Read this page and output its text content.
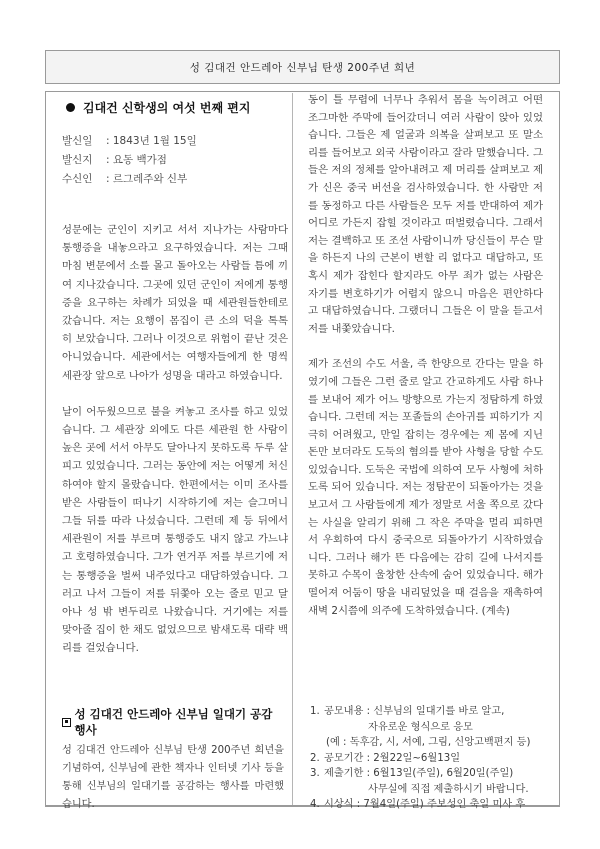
성 김대건 안드레아 신부님 탄생 200주년 희년
김대건 신학생의 여섯 번째 편지
발신일	: 1843년 1월 15일
발신지	: 요동 백가점
수신인	: 르그레주와 신부

성문에는 군인이 지키고 서서 지나가는 사람마다 통행증을 내놓으라고 요구하였습니다. 저는 그때 마침 변문에서 소를 몰고 돌아오는 사람들 틈에 끼여 지나갔습니다. 그곳에 있던 군인이 저에게 통행증을 요구하는 차례가 되었을 때 세관원들한테로 갔습니다. 저는 요행이 몸집이 큰 소의 덕을 톡톡히 보았습니다. 그러나 이것으로 위험이 끝난 것은 아니었습니다. 세관에서는 여행자들에게 한 명씩 세관장 앞으로 나아가 성명을 대라고 하였습니다.

날이 어두웠으므로 불을 켜놓고 조사를 하고 있었습니다. 그 세관장 외에도 다른 세관원 한 사람이 높은 곳에 서서 아무도 달아나지 못하도록 두루 살피고 있었습니다. 그러는 동안에 저는 어떻게 처신하여야 할지 몰랐습니다. 한편에서는 이미 조사를 받은 사람들이 떠나기 시작하기에 저는 슬그머니 그들 뒤를 따라 나섰습니다. 그런데 제 등 뒤에서 세관원이 저를 부르며 통행증도 내지 않고 가느냐고 호령하였습니다. 그가 연거푸 저를 부르기에 저는 통행증을 벌써 내주었다고 대답하였습니다. 그러고 나서 그들이 저를 뒤쫓아 오는 줄로 믿고 달아나 성 밖 변두리로 나왔습니다. 거기에는 저를 맞아줄 집이 한 채도 없었으므로 밤새도록 대략 백리를 걸었습니다.

동이 틀 무렵에 너무나 추워서 몸을 녹이려고 어떤 조그마한 주막에 들어갔더니 여러 사람이 앉아 있었습니다. 그들은 제 얼굴과 의복을 살펴보고 또 말소리를 들어보고 외국 사람이라고 잘라 말했습니다. 그들은 저의 정체를 알아내려고 제 머리를 살펴보고 제가 신은 중국 버선을 검사하였습니다. 한 사람만 저를 동정하고 다른 사람들은 모두 저를 반대하여 제가 어디로 가든지 잡힐 것이라고 떠벌렸습니다. 그래서 저는 결백하고 또 조선 사람이니까 당신들이 무슨 말을 하든지 나의 근본이 변할 리 없다고 대답하고, 또 혹시 제가 잡힌다 할지라도 아무 죄가 없는 사람은 자기를 변호하기가 어렵지 않으니 마음은 편안하다고 대답하였습니다. 그랬더니 그들은 이 말을 듣고서 저를 내쫓았습니다.

제가 조선의 수도 서울, 즉 한양으로 간다는 말을 하였기에 그들은 그런 줄로 알고 간교하게도 사람 하나를 보내어 제가 어느 방향으로 가는지 정탐하게 하였습니다. 그런데 저는 포졸들의 손아귀를 피하기가 지극히 어려웠고, 만일 잡히는 경우에는 제 몸에 지닌 돈만 보더라도 도둑의 혐의를 받아 사형을 당할 수도 있었습니다. 도둑은 국법에 의하여 모두 사형에 처하도록 되어 있습니다. 저는 정탐꾼이 되돌아가는 것을 보고서 그 사람들에게 제가 정말로 서울 쪽으로 갔다는 사실을 알리기 위해 그 작은 주막을 멀리 피하면서 우회하여 다시 중국으로 되돌아가기 시작하였습니다. 그러나 해가 뜬 다음에는 감히 길에 나서지를 못하고 수목이 울창한 산속에 숨어 있었습니다. 해가 떨어져 어둠이 땅을 내리덮었을 때 걸음을 재촉하여 새벽 2시쯤에 의주에 도착하였습니다. (계속)

성 김대건 안드레아 신부님 일대기 공감 행사

성 김대건 안드레아 신부님 탄생 200주년 희년을 기념하여, 신부님에 관한 책자나 인터넷 기사 등을 통해 신부님의 일대기를 공감하는 행사를 마련했습니다.

1. 공모내용 : 신부님의 일대기를 바로 알고,
자유로운 형식으로 응모
(예 : 독후감, 시, 서예, 그림, 신앙고백편지 등)
2. 공모기간 : 2월22일~6월13일
3. 제출기한 : 6월13일(주일), 6월20일(주일)
사무실에 직접 제출하시기 바랍니다.
4. 시상식 : 7월4일(주일) 주보성인 축일 미사 후
